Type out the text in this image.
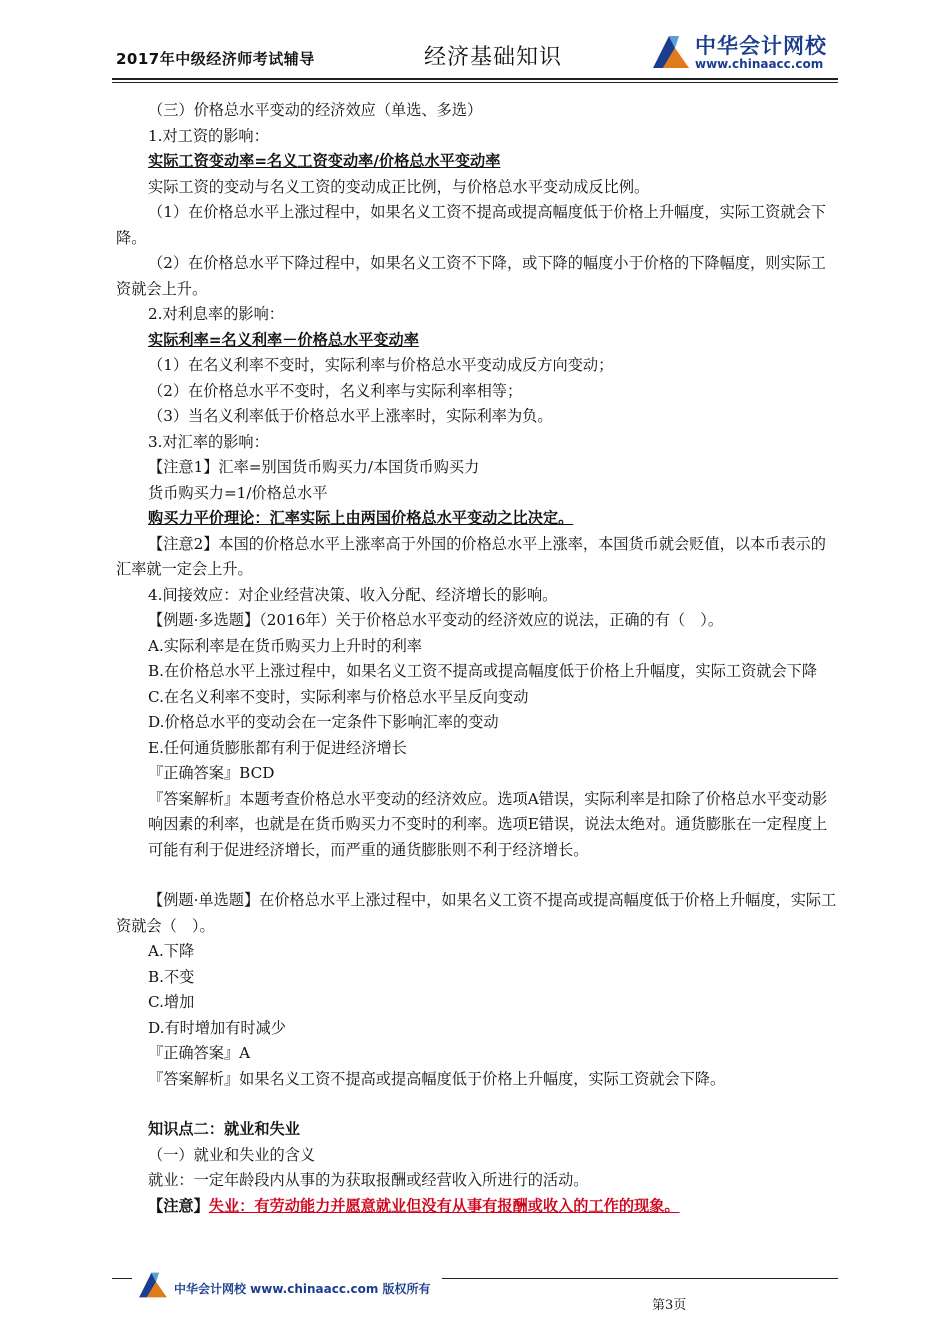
2017年中级经济师考试辅导	经济基础知识	中华会计网校
www.chinaacc.com

（三）价格总水平变动的经济效应（单选、多选）

1.对工资的影响：

实际工资变动率=名义工资变动率/价格总水平变动率

实际工资的变动与名义工资的变动成正比例，与价格总水平变动成反比例。

（1）在价格总水平上涨过程中，如果名义工资不提高或提高幅度低于价格上升幅度，实际工资就会下降。

（2）在价格总水平下降过程中，如果名义工资不下降，或下降的幅度小于价格的下降幅度，则实际工资就会上升。

2.对利息率的影响：

实际利率=名义利率－价格总水平变动率

（1）在名义利率不变时，实际利率与价格总水平变动成反方向变动；

（2）在价格总水平不变时，名义利率与实际利率相等；

（3）当名义利率低于价格总水平上涨率时，实际利率为负。

3.对汇率的影响：

【注意1】汇率=别国货币购买力/本国货币购买力

货币购买力=1/价格总水平

购买力平价理论：汇率实际上由两国价格总水平变动之比决定。

【注意2】本国的价格总水平上涨率高于外国的价格总水平上涨率，本国货币就会贬值，以本币表示的汇率就一定会上升。

4.间接效应：对企业经营决策、收入分配、经济增长的影响。

【例题·多选题】（2016年）关于价格总水平变动的经济效应的说法，正确的有（　）。

A.实际利率是在货币购买力上升时的利率

B.在价格总水平上涨过程中，如果名义工资不提高或提高幅度低于价格上升幅度，实际工资就会下降

C.在名义利率不变时，实际利率与价格总水平呈反向变动

D.价格总水平的变动会在一定条件下影响汇率的变动

E.任何通货膨胀都有利于促进经济增长

『正确答案』BCD

『答案解析』本题考查价格总水平变动的经济效应。选项A错误，实际利率是扣除了价格总水平变动影响因素的利率，也就是在货币购买力不变时的利率。选项E错误，说法太绝对。通货膨胀在一定程度上可能有利于促进经济增长，而严重的通货膨胀则不利于经济增长。

【例题·单选题】在价格总水平上涨过程中，如果名义工资不提高或提高幅度低于价格上升幅度，实际工资就会（　）。

A.下降

B.不变

C.增加

D.有时增加有时减少

『正确答案』A

『答案解析』如果名义工资不提高或提高幅度低于价格上升幅度，实际工资就会下降。

知识点二：就业和失业

（一）就业和失业的含义

就业：一定年龄段内从事的为获取报酬或经营收入所进行的活动。

【注意】失业：有劳动能力并愿意就业但没有从事有报酬或收入的工作的现象。

中华会计网校 www.chinaacc.com 版权所有
第3页
